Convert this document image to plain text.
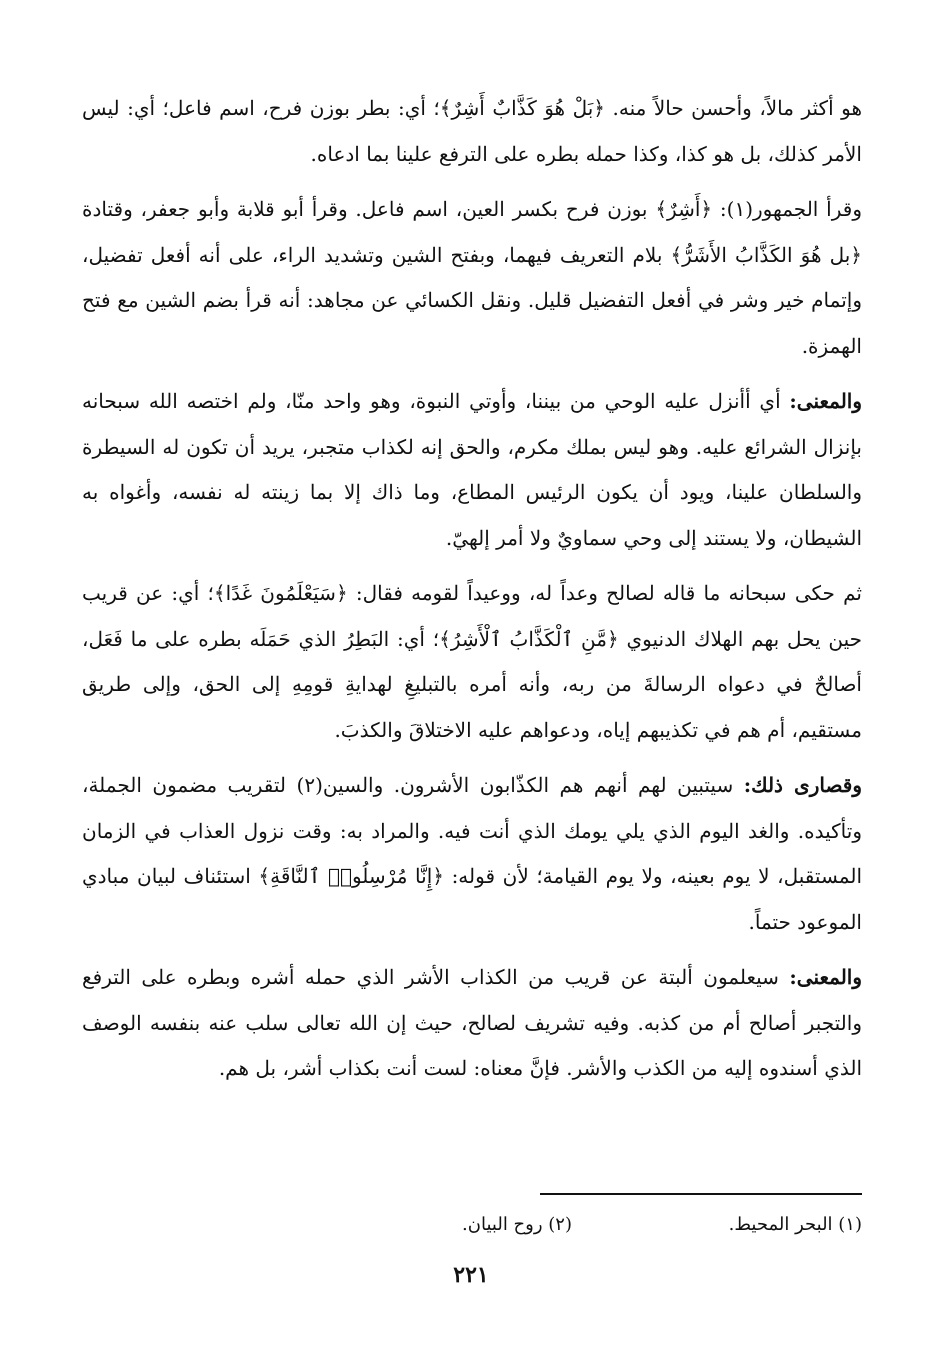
هو أكثر مالاً، وأحسن حالاً منه. ﴿بَلْ هُوَ كَذَّابٌ أَشِرٌ﴾؛ أي: بطر بوزن فرح، اسم فاعل؛ أي: ليس الأمر كذلك، بل هو كذا، وكذا حمله بطره على الترفع علينا بما ادعاه.

وقرأ الجمهور(١): ﴿أَشِرٌ﴾ بوزن فرح بكسر العين، اسم فاعل. وقرأ أبو قلابة وأبو جعفر، وقتادة ﴿بل هُوَ الكَذَّابُ الأَشَرُّ﴾ بلام التعريف فيهما، وبفتح الشين وتشديد الراء، على أنه أفعل تفضيل، وإتمام خير وشر في أفعل التفضيل قليل. ونقل الكسائي عن مجاهد: أنه قرأ بضم الشين مع فتح الهمزة.

والمعنى: أي أأنزل عليه الوحي من بيننا، وأوتي النبوة، وهو واحد منّا، ولم اختصه الله سبحانه بإنزال الشرائع عليه. وهو ليس بملك مكرم، والحق إنه لكذاب متجبر، يريد أن تكون له السيطرة والسلطان علينا، ويود أن يكون الرئيس المطاع، وما ذاك إلا بما زينته له نفسه، وأغواه به الشيطان، ولا يستند إلى وحي سماويٌ ولا أمر إلهيّ.

ثم حكى سبحانه ما قاله لصالح وعداً له، ووعيداً لقومه فقال: ﴿سَيَعْلَمُونَ غَدًا﴾؛ أي: عن قريب حين يحل بهم الهلاك الدنيوي ﴿مَّنِ ٱلْكَذَّابُ ٱلْأَشِرُ﴾؛ أي: البَطِرُ الذي حَمَلَه بطره على ما فَعَل، أصالحٌ في دعواه الرسالةَ من ربه، وأنه أمره بالتبليغِ لهدايةِ قومِهِ إلى الحق، وإلى طريق مستقيم، أم هم في تكذيبهم إياه، ودعواهم عليه الاختلاقَ والكذبَ.

وقصارى ذلك: سيتبين لهم أنهم هم الكذّابون الأشرون. والسين(٢) لتقريب مضمون الجملة، وتأكيده. والغد اليوم الذي يلي يومك الذي أنت فيه. والمراد به: وقت نزول العذاب في الزمان المستقبل، لا يوم بعينه، ولا يوم القيامة؛ لأن قوله: ﴿إِنَّا مُرْسِلُوا۟ ٱلنَّاقَةِ﴾ استئناف لبيان مبادي الموعود حتماً.

والمعنى: سيعلمون ألبتة عن قريب من الكذاب الأشر الذي حمله أشره وبطره على الترفع والتجبر أصالح أم من كذبه. وفيه تشريف لصالح، حيث إن الله تعالى سلب عنه بنفسه الوصف الذي أسندوه إليه من الكذب والأشر. فإنَّ معناه: لست أنت بكذاب أشر، بل هم.

(١) البحر المحيط.
(٢) روح البيان.
٢٢١
